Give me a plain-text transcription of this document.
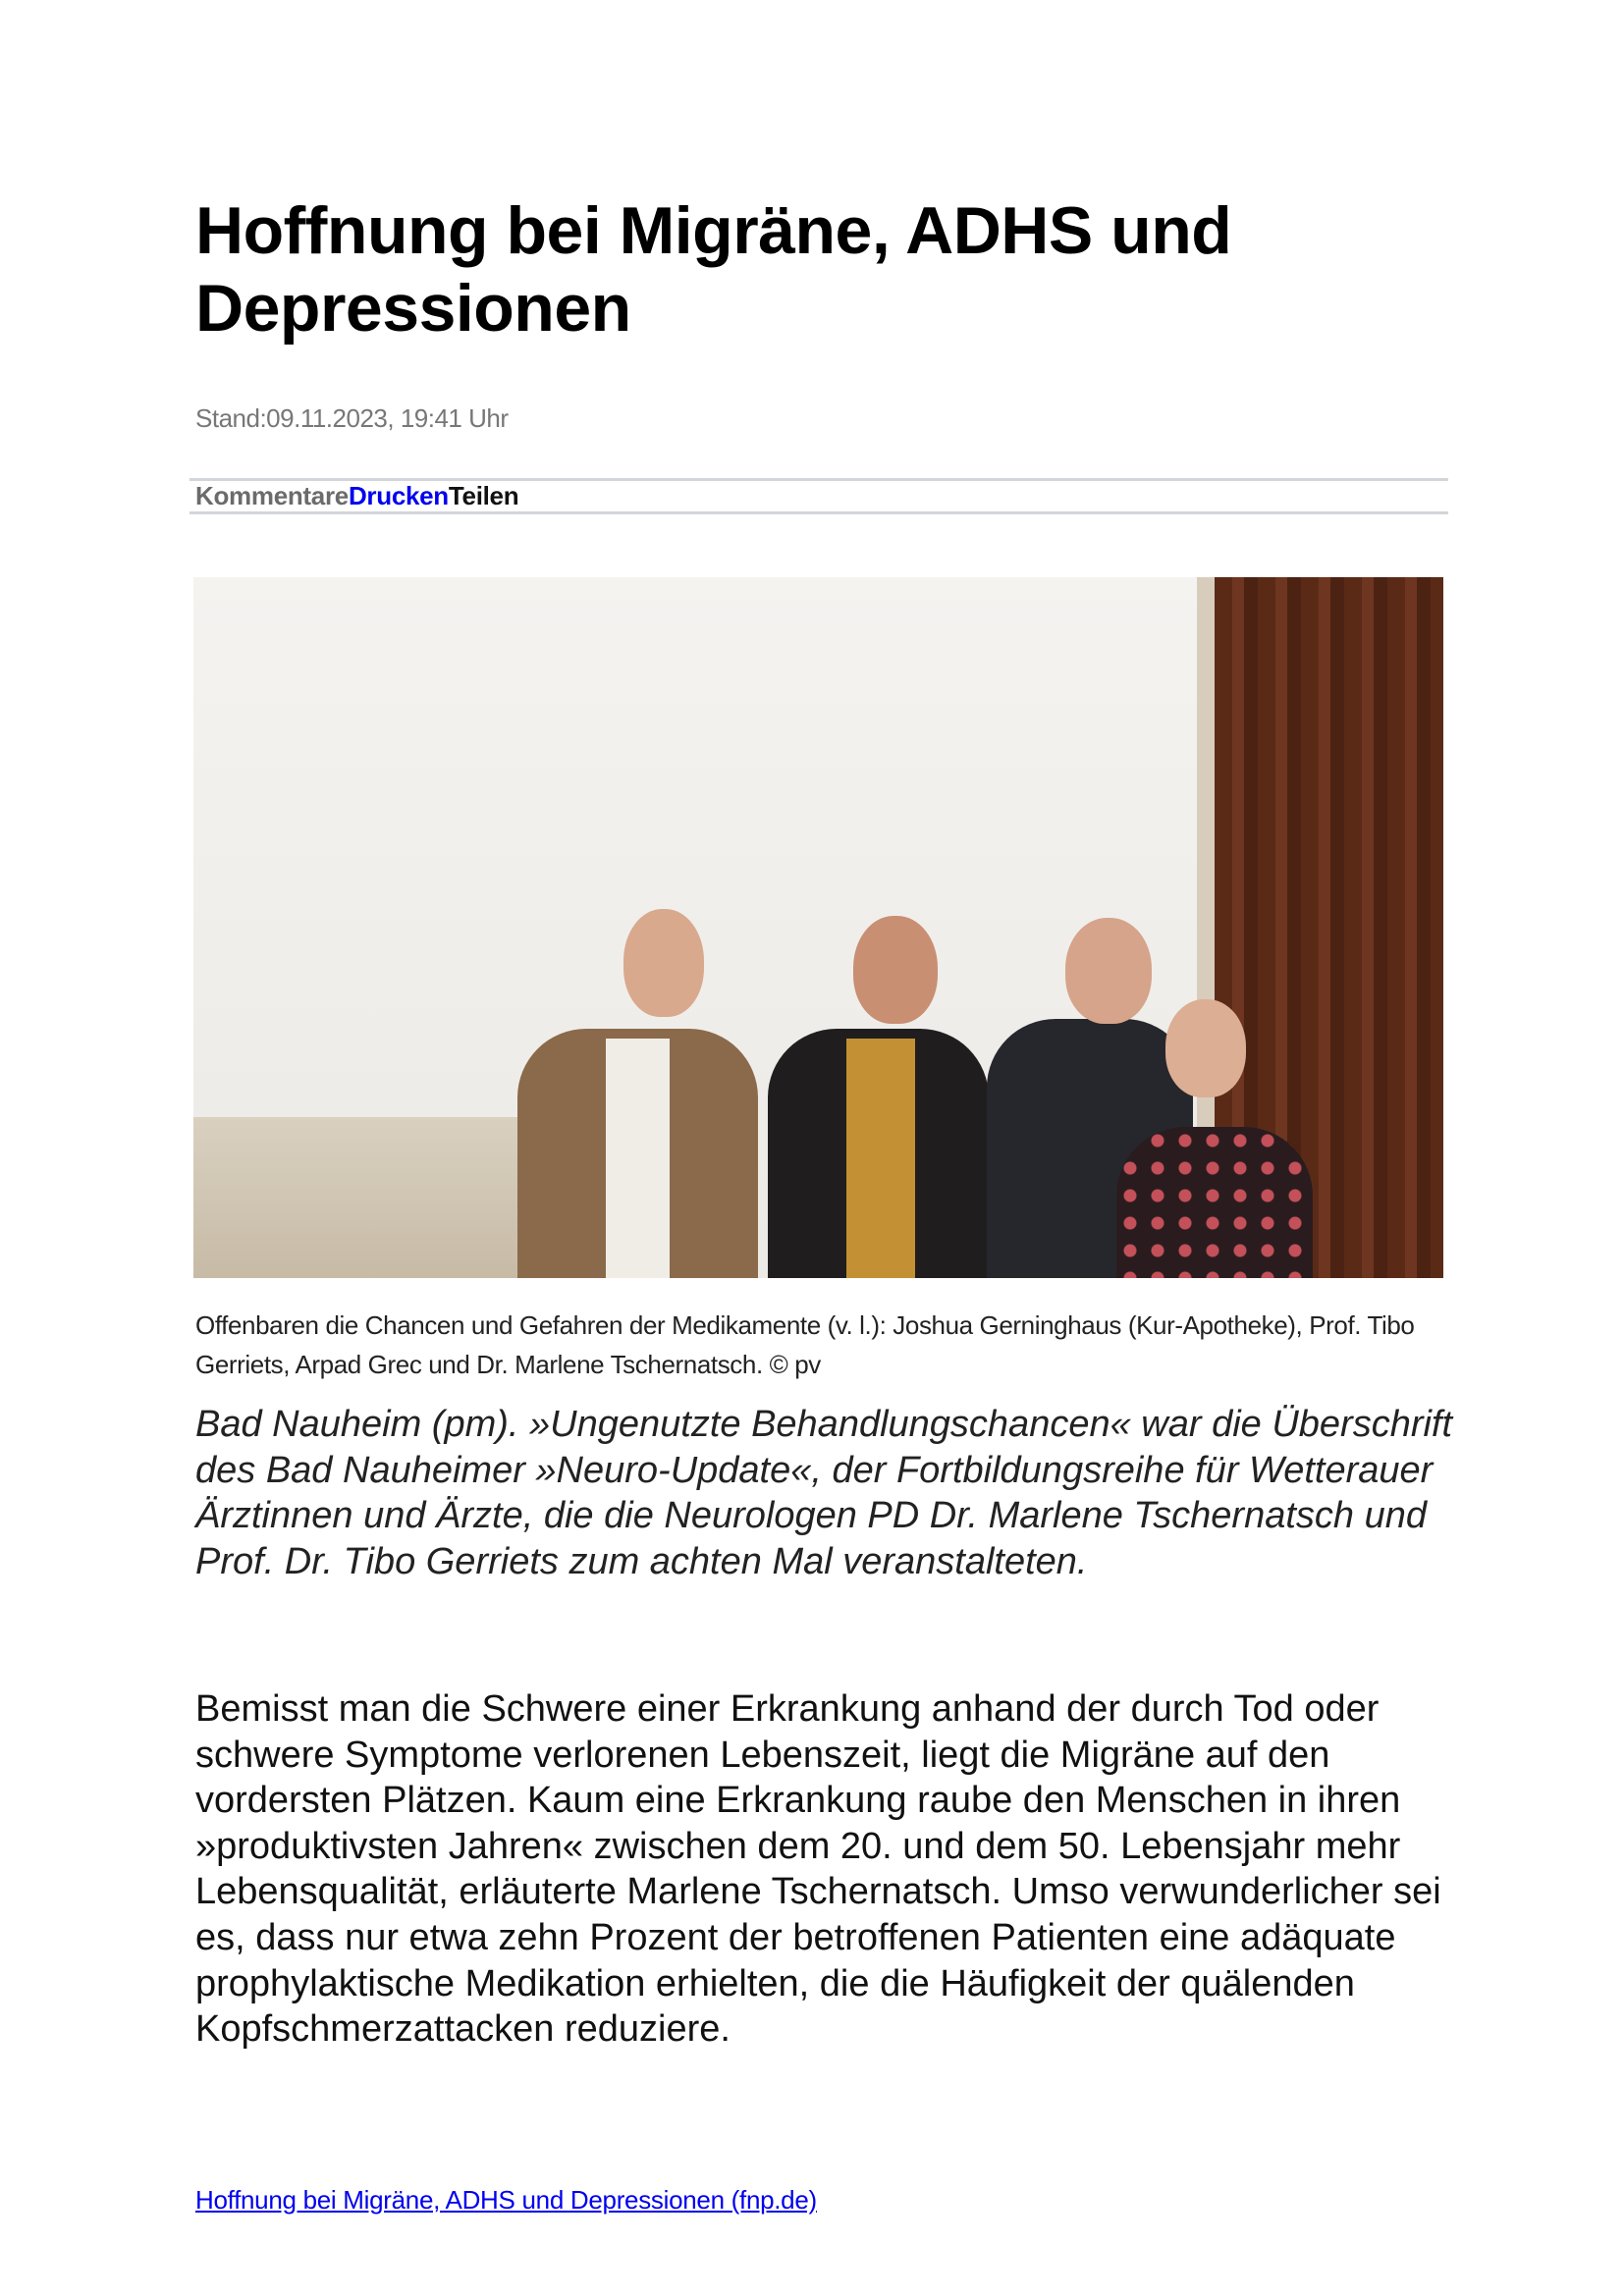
Hoffnung bei Migräne, ADHS und Depressionen
Stand:09.11.2023, 19:41 Uhr
KommentareDruckenTeilen
Offenbaren die Chancen und Gefahren der Medikamente (v. l.): Joshua Gerninghaus (Kur-Apotheke), Prof. Tibo Gerriets, Arpad Grec und Dr. Marlene Tschernatsch. © pv
Bad Nauheim (pm). »Ungenutzte Behandlungschancen« war die Überschrift des Bad Nauheimer »Neuro-Update«, der Fortbildungsreihe für Wetterauer Ärztinnen und Ärzte, die die Neurologen PD Dr. Marlene Tschernatsch und Prof. Dr. Tibo Gerriets zum achten Mal veranstalteten.
Bemisst man die Schwere einer Erkrankung anhand der durch Tod oder schwere Symptome verlorenen Lebenszeit, liegt die Migräne auf den vordersten Plätzen. Kaum eine Erkrankung raube den Menschen in ihren »produktivsten Jahren« zwischen dem 20. und dem 50. Lebensjahr mehr Lebensqualität, erläuterte Marlene Tschernatsch. Umso verwunderlicher sei es, dass nur etwa zehn Prozent der betroffenen Patienten eine adäquate prophylaktische Medikation erhielten, die die Häufigkeit der quälenden Kopfschmerzattacken reduziere.
Hoffnung bei Migräne, ADHS und Depressionen (fnp.de)
